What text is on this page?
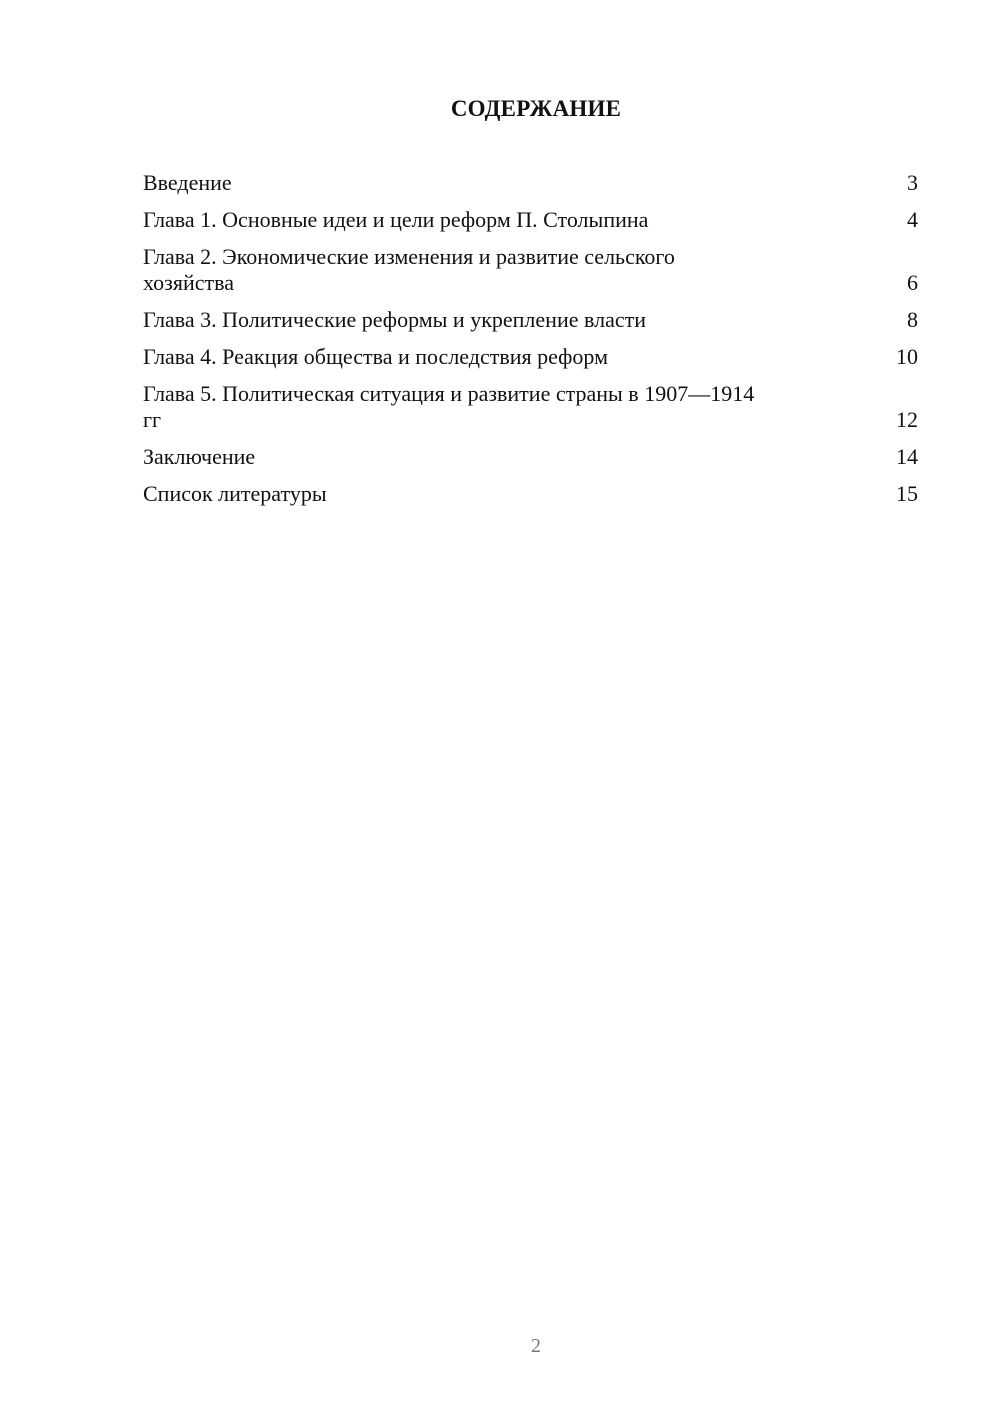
СОДЕРЖАНИЕ
Введение	3
Глава 1. Основные идеи и цели реформ П. Столыпина	4
Глава 2. Экономические изменения и развитие сельского хозяйства	6
Глава 3. Политические реформы и укрепление власти	8
Глава 4. Реакция общества и последствия реформ	10
Глава 5. Политическая ситуация и развитие страны в 1907—1914 гг	12
Заключение	14
Список литературы	15
2
